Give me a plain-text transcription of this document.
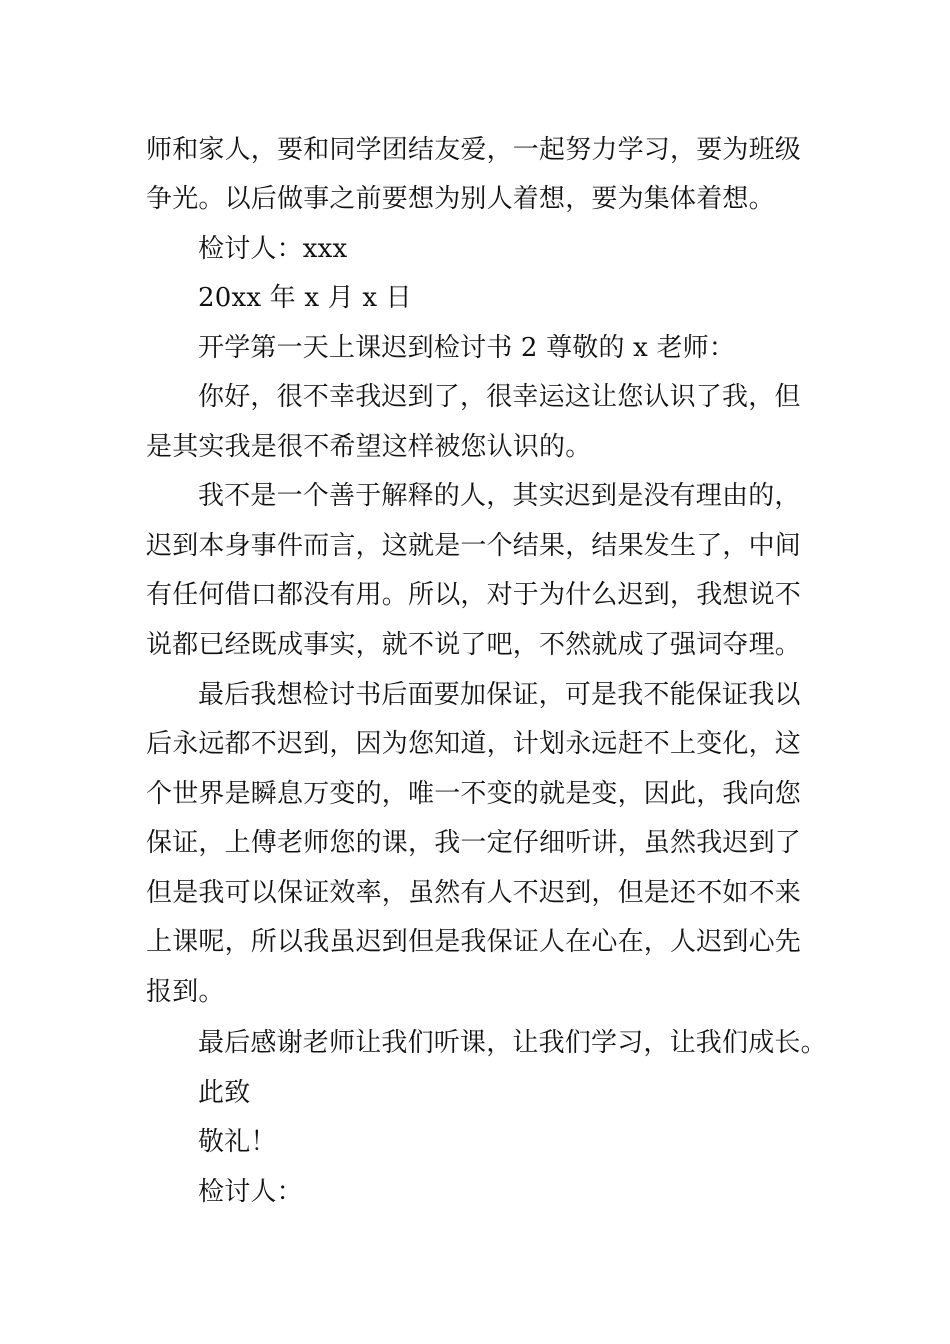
师和家人，要和同学团结友爱，一起努力学习，要为班级
争光。以后做事之前要想为别人着想，要为集体着想。
检讨人：xxx
20xx 年 x 月 x 日
开学第一天上课迟到检讨书 2 尊敬的 x 老师：
你好，很不幸我迟到了，很幸运这让您认识了我，但
是其实我是很不希望这样被您认识的。
我不是一个善于解释的人，其实迟到是没有理由的，
迟到本身事件而言，这就是一个结果，结果发生了，中间
有任何借口都没有用。所以，对于为什么迟到，我想说不
说都已经既成事实，就不说了吧，不然就成了强词夺理。
最后我想检讨书后面要加保证，可是我不能保证我以
后永远都不迟到，因为您知道，计划永远赶不上变化，这
个世界是瞬息万变的，唯一不变的就是变，因此，我向您
保证，上傅老师您的课，我一定仔细听讲，虽然我迟到了
但是我可以保证效率，虽然有人不迟到，但是还不如不来
上课呢，所以我虽迟到但是我保证人在心在，人迟到心先
报到。
最后感谢老师让我们听课，让我们学习，让我们成长。
此致
敬礼！
检讨人：
